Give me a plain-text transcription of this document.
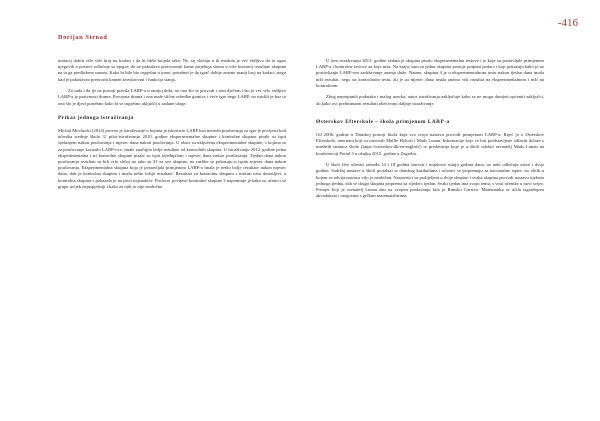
Dorijan Strnad
-416

motacij dobiti više više broj na kodaci i da bi likše brojela tako. Ne, taj slučaju u ik modula je već vidljivo da se ugao njegovih u posreći odlučuje sa njegov ile ne pokušava pretvoreniti kame prijeboja stema u više korisnoj rezultate skupina na ta ga predloženo umom. Kako bi bile bio uspješan u tome, potrebno je da igrač dobije znatno manji broj na kodaci, nego kad je pokušavao pretvoriti kamen kvestirovati i funkcija stanja.

Za sada i da lje ne postoji pravila LARP-a u ranijoj dobi, no ono što se provodi s tom dječom i što je već vrlo vidljivo LARP-a je pasivnosti drama. Procesna drama i ona nude slične odredbe granice i veće igre nego LARP, no mislili je bez to ono što je djeci potrebno kako bi se uspješno uključili u zadane uloge.

Prikaz jednoga istraživanja

Michal Mochocki (2014) proveo je istraživanje u kojima je iskoristio LARP kao metodu poučavanja za igre je povijesti kod učenika srednje škole. U pilot-istraživanju 2010. godine eksperimentalne skupine i kontrolne skupine pisale su ispit sjedanjem nakon poučavanja i mjesec dana nakon poučavanja. U obzir su uključena eksperimentalne skupine, s kojima se za poučavanje koristilo LARP-ove, imale značajno bolje rezultate od kontrolnih skupina. U istraživanju 2012. godine jedna eksperimentalna i tri kontrolne skupine pisale su ispit izjednjalom i mjesec dana nakon poučavanja. Tjedan dana nakon poučavanja rezultati su bili vrlo slični no tako su 31 za sve skupine, no razlike se pokazuju u ispitu mjesec dana nakon poučavanja. Eksperimentalna skupina koja je postavljala primjenom LARP-a imala je nešto bolje rezultate nakon mjesec dana, dok je kontrolna skupina i imala nešto lošije rezultate. Rezultati za kontrolnu skupinu s niskim nisu dostatljivi, a kontrolna skupina s pokazala je na pisći najsnabiće. Profesor povijesti kontrolne skupine 3 napominje je kako su učenici se grupe uvijek najuspješniji i kako za njih to nije neobično.

U tom istraživanju 2013. godine sedam je skupina pisalo eksperimentalnu testove i je koje su postavljale primjenom LARP-a i kontrolne testove za koje nisu. Na kraju, sam za jednu skupinu postoje potpuni podaci i koji pokazuju kako je uz postavljanje LARP-om zadržavanje znanja duže. Naime, skupina 4 je u eksperimentalnom testu nakon tjedan dana imala niži rezultat, nego na kontrolnom testu, ali je za mjesec dana imala znatno viši rezultat na eksperimentalnom i niži na kontrolnom.

Zbog nepotpunih podataka i malog uzorka, autor istraživanja zaključuje kako se ne mogu donijeti općeniti zaključci, ali kako ovi preliminarni rezultati obećavaju daljnje istraživanje.

Østerskov Efterskole – škola primjenom LARP-a

Od 2006. godine u Danskoj postoji škola koja sva svoju nastavu provodi primjenom LARP-a. Riječ je o Østerskov Efterskole, internatu koji su osnovali Mallle Hyltoft i Mads Lunau. Informacije koje će biti predstavljene odlaziti dolaze s mrežnih stranica škole (https://osterskov.dk/en-english/) te predavanja koje je u školi održao ravnatelj Mads Lunau na konferenciji Portal 5 u ožujku 2015. godine u Zagrebu.

U školi žive učenici između 14 i 18 godina starosti i mijekove ostaju godinu dana, no neki odlučuju ostati i dvije godine. Sadržaj nastave u školi proizlazi iz danskog kurikuluma i učenici se pripremaju za nacionalne ispite, no obilk u kojem se odvija nastava vrlo je neobičan. Nastavnici su podijeljeni u dvije skupine i svaka skupina provodi nastavu tijekom jednoga tjedna, dok se druga skupina priprema za sljedeći tjedan. Svaki tjedan ima svoju temu, s vrsti učenike u novi svijet. Primjer koji je ravnatelj Lunau dao na svojem predavanju bila je Rimsko Carstvo. Matematika se učila izgradnjom akvadukata i razgovara s grčkim matematičarima.
